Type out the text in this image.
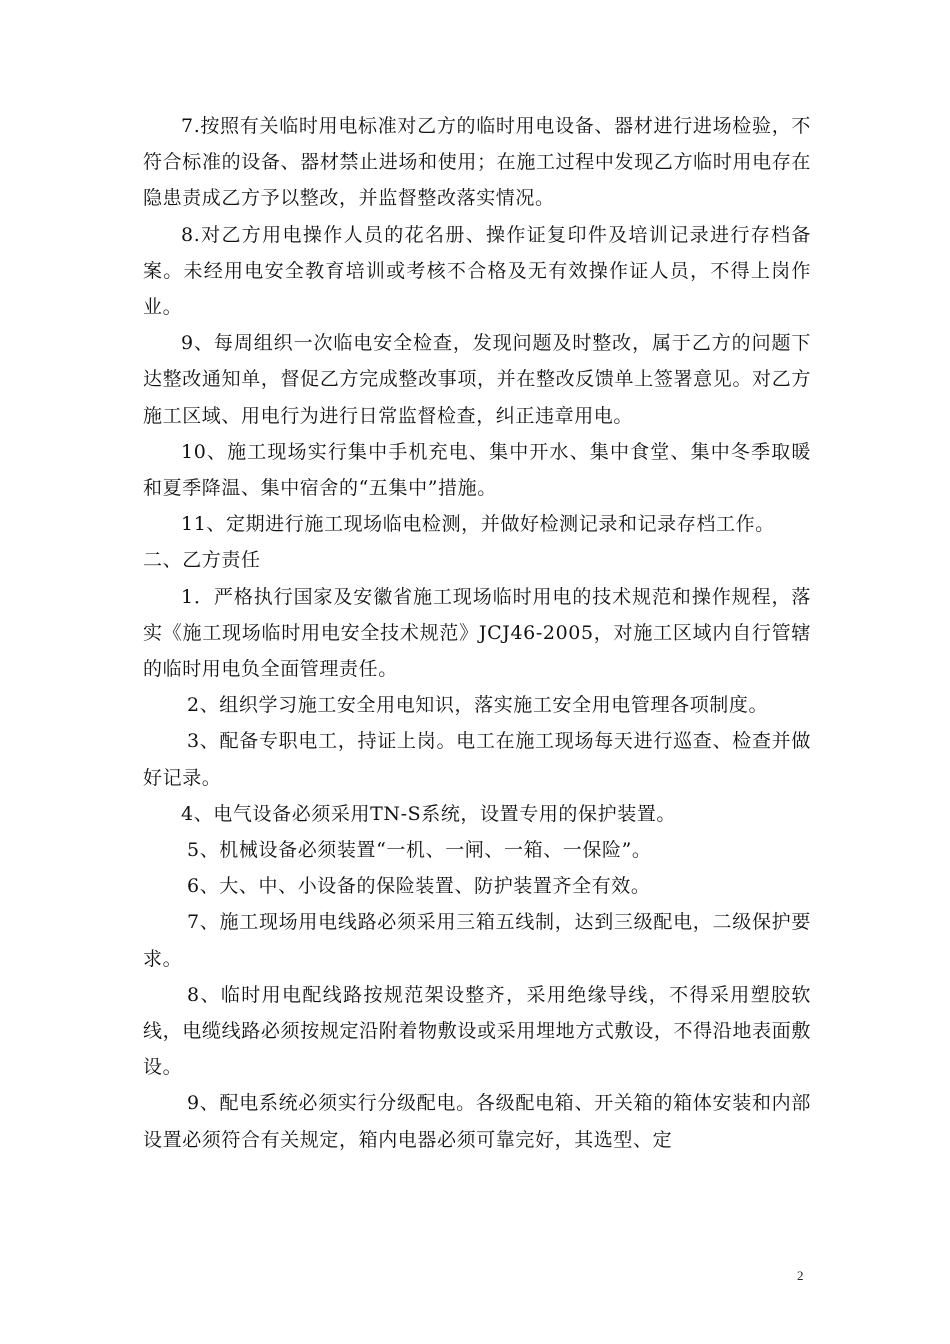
7.按照有关临时用电标准对乙方的临时用电设备、器材进行进场检验，不符合标准的设备、器材禁止进场和使用；在施工过程中发现乙方临时用电存在隐患责成乙方予以整改，并监督整改落实情况。

8.对乙方用电操作人员的花名册、操作证复印件及培训记录进行存档备案。未经用电安全教育培训或考核不合格及无有效操作证人员，不得上岗作业。

9、每周组织一次临电安全检查，发现问题及时整改，属于乙方的问题下达整改通知单，督促乙方完成整改事项，并在整改反馈单上签署意见。对乙方施工区域、用电行为进行日常监督检查，纠正违章用电。

10、施工现场实行集中手机充电、集中开水、集中食堂、集中冬季取暖和夏季降温、集中宿舍的“五集中”措施。

11、定期进行施工现场临电检测，并做好检测记录和记录存档工作。

二、乙方责任

1．严格执行国家及安徽省施工现场临时用电的技术规范和操作规程，落实《施工现场临时用电安全技术规范》JCJ46-2005，对施工区域内自行管辖的临时用电负全面管理责任。

2、组织学习施工安全用电知识，落实施工安全用电管理各项制度。

3、配备专职电工，持证上岗。电工在施工现场每天进行巡查、检查并做好记录。

4、电气设备必须采用TN-S系统，设置专用的保护装置。

5、机械设备必须装置“一机、一闸、一箱、一保险”。

6、大、中、小设备的保险装置、防护装置齐全有效。

7、施工现场用电线路必须采用三箱五线制，达到三级配电，二级保护要求。

8、临时用电配线路按规范架设整齐，采用绝缘导线，不得采用塑胶软线，电缆线路必须按规定沿附着物敷设或采用埋地方式敷设，不得沿地表面敷设。

9、配电系统必须实行分级配电。各级配电箱、开关箱的箱体安装和内部设置必须符合有关规定，箱内电器必须可靠完好，其选型、定

2
